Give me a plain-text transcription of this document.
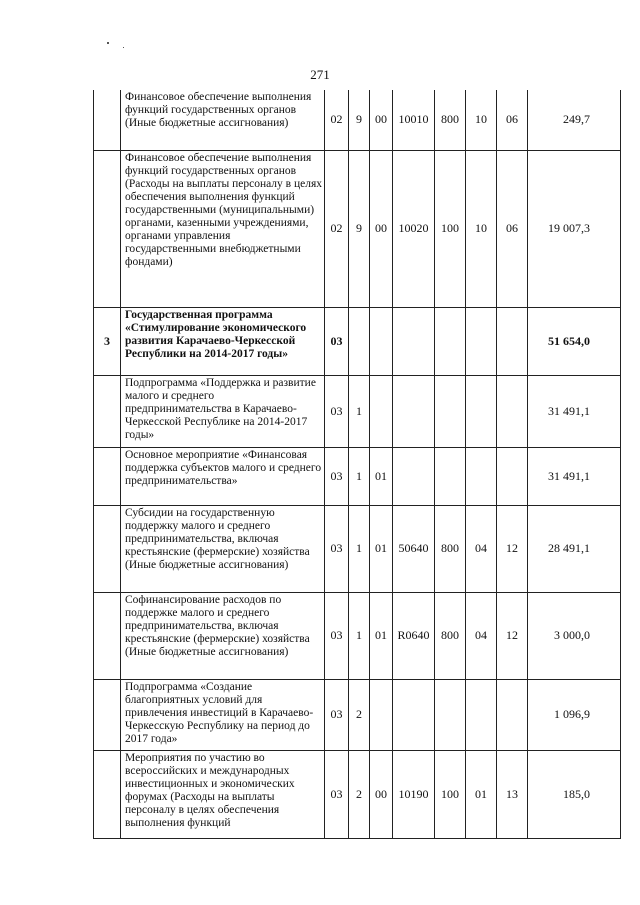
271
	Финансовое обеспечение выполнения функций государственных органов (Иные бюджетные ассигнования)	02	9	00	10010	800	10	06	249,7
	Финансовое обеспечение выполнения функций государственных органов (Расходы на выплаты персоналу в целях обеспечения выполнения функций государственными (муниципальными) органами, казенными учреждениями, органами управления государственными внебюджетными фондами)	02	9	00	10020	100	10	06	19 007,3
3	Государственная программа «Стимулирование экономического развития Карачаево-Черкесской Республики на 2014-2017 годы»	03							51 654,0
	Подпрограмма «Поддержка и развитие малого и среднего предпринимательства в Карачаево-Черкесской Республике на 2014-2017 годы»	03	1						31 491,1
	Основное мероприятие «Финансовая поддержка субъектов малого и среднего предпринимательства»	03	1	01					31 491,1
	Субсидии на государственную поддержку малого и среднего предпринимательства, включая крестьянские (фермерские) хозяйства (Иные бюджетные ассигнования)	03	1	01	50640	800	04	12	28 491,1
	Софинансирование расходов по поддержке малого и среднего предпринимательства, включая крестьянские (фермерские) хозяйства (Иные бюджетные ассигнования)	03	1	01	R0640	800	04	12	3 000,0
	Подпрограмма «Создание благоприятных условий для привлечения инвестиций в Карачаево-Черкесскую Республику на период до 2017 года»	03	2						1 096,9
	Мероприятия по участию во всероссийских и международных инвестиционных и экономических форумах (Расходы на выплаты персоналу в целях обеспечения выполнения функций	03	2	00	10190	100	01	13	185,0
